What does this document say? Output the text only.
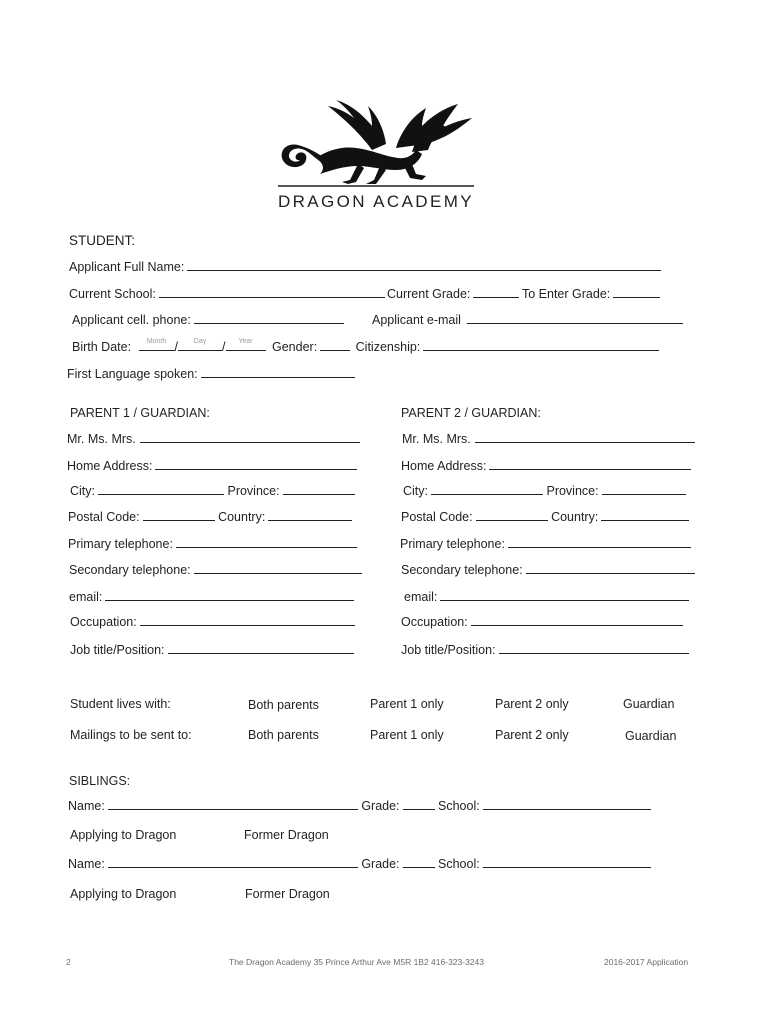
DRAGON ACADEMY
STUDENT:
Applicant Full Name:
Current School:	Current Grade:	To Enter Grade:
Applicant cell. phone:	Applicant e-mail
Birth Date:	Month /	Day	/	Year	Gender:	Citizenship:
First Language spoken:
PARENT 1 / GUARDIAN:
Mr. Ms. Mrs.
Home Address:
City:	Province:
Postal Code:	Country:
Primary telephone:
Secondary telephone:
email:
Occupation:
Job title/Position:
PARENT 2 / GUARDIAN:
Mr. Ms. Mrs.
Home Address:
City:	Province:
Postal Code:	Country:
Primary telephone:
Secondary telephone:
email:
Occupation:
Job title/Position:
Student lives with:	Both parents	Parent 1 only	Parent 2 only	Guardian
Mailings to be sent to:	Both parents	Parent 1 only	Parent 2 only	Guardian
SIBLINGS:
Name:	Grade:	School:
Applying to Dragon	Former Dragon
Name:	Grade:	School:
Applying to Dragon	Former Dragon
2	The Dragon Academy 35 Prince Arthur Ave M5R 1B2 416-323-3243	2016-2017 Application
